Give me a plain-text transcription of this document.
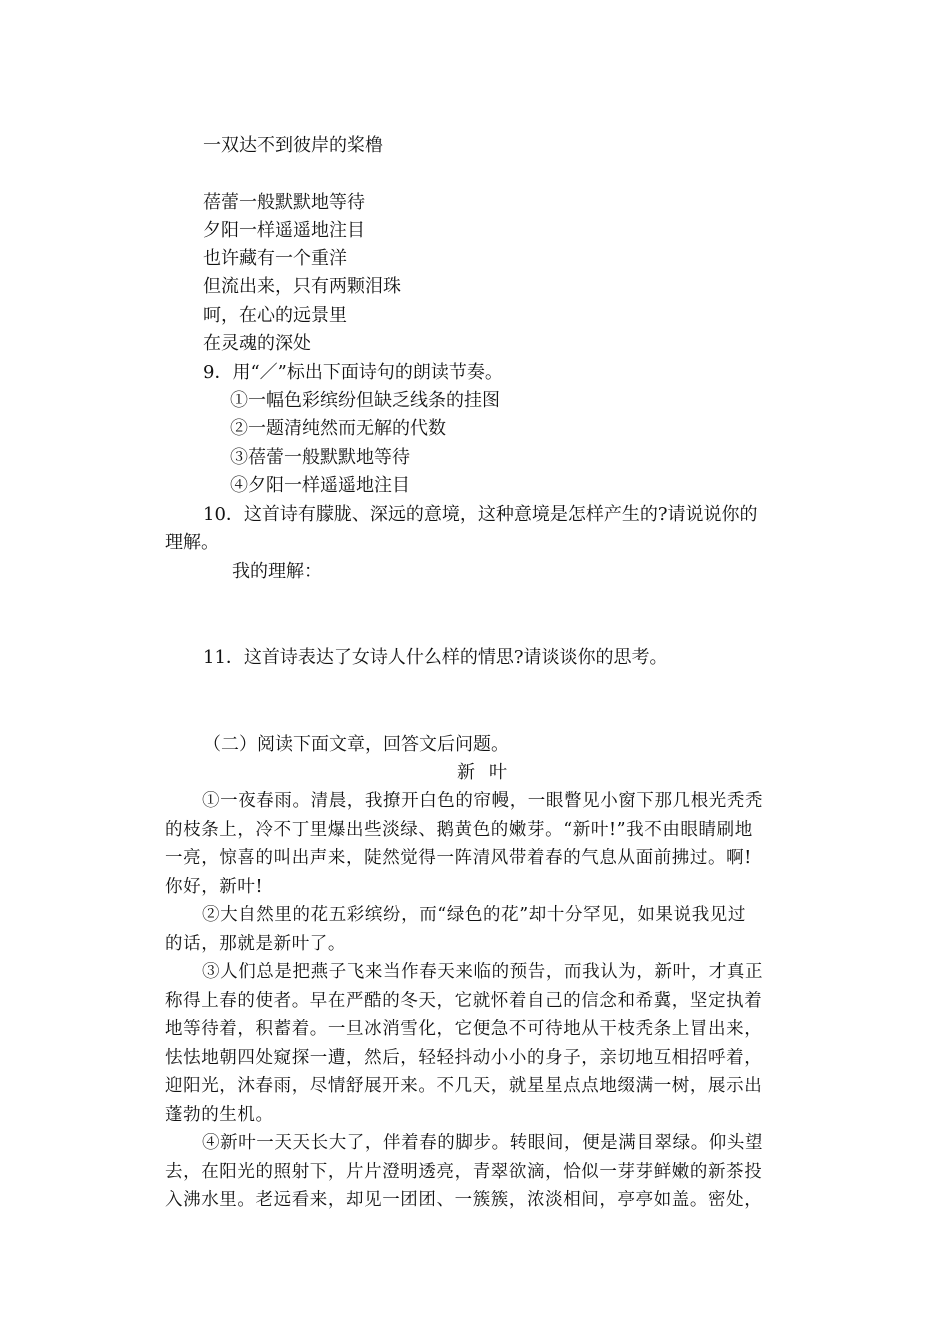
一双达不到彼岸的桨橹
蓓蕾一般默默地等待
夕阳一样遥遥地注目
也许藏有一个重洋
但流出来，只有两颗泪珠
呵，在心的远景里
在灵魂的深处
9．用“／”标出下面诗句的朗读节奏。
①一幅色彩缤纷但缺乏线条的挂图
②一题清纯然而无解的代数
③蓓蕾一般默默地等待
④夕阳一样遥遥地注目
10．这首诗有朦胧、深远的意境，这种意境是怎样产生的?请说说你的
理解。
我的理解：
11．这首诗表达了女诗人什么样的情思?请谈谈你的思考。
（二）阅读下面文章，回答文后问题。
新叶
①一夜春雨。清晨，我撩开白色的帘幔，一眼瞥见小窗下那几根光秃秃
的枝条上，冷不丁里爆出些淡绿、鹅黄色的嫩芽。“新叶!”我不由眼睛刷地
一亮，惊喜的叫出声来，陡然觉得一阵清风带着春的气息从面前拂过。啊!
你好，新叶!
②大自然里的花五彩缤纷，而“绿色的花”却十分罕见，如果说我见过
的话，那就是新叶了。
③人们总是把燕子飞来当作春天来临的预告，而我认为，新叶，才真正
称得上春的使者。早在严酷的冬天，它就怀着自己的信念和希冀，坚定执着
地等待着，积蓄着。一旦冰消雪化，它便急不可待地从干枝秃条上冒出来，
怯怯地朝四处窥探一遭，然后，轻轻抖动小小的身子，亲切地互相招呼着，
迎阳光，沐春雨，尽情舒展开来。不几天，就星星点点地缀满一树，展示出
蓬勃的生机。
④新叶一天天长大了，伴着春的脚步。转眼间，便是满目翠绿。仰头望
去，在阳光的照射下，片片澄明透亮，青翠欲滴，恰似一芽芽鲜嫩的新茶投
入沸水里。老远看来，却见一团团、一簇簇，浓淡相间，亭亭如盖。密处，
